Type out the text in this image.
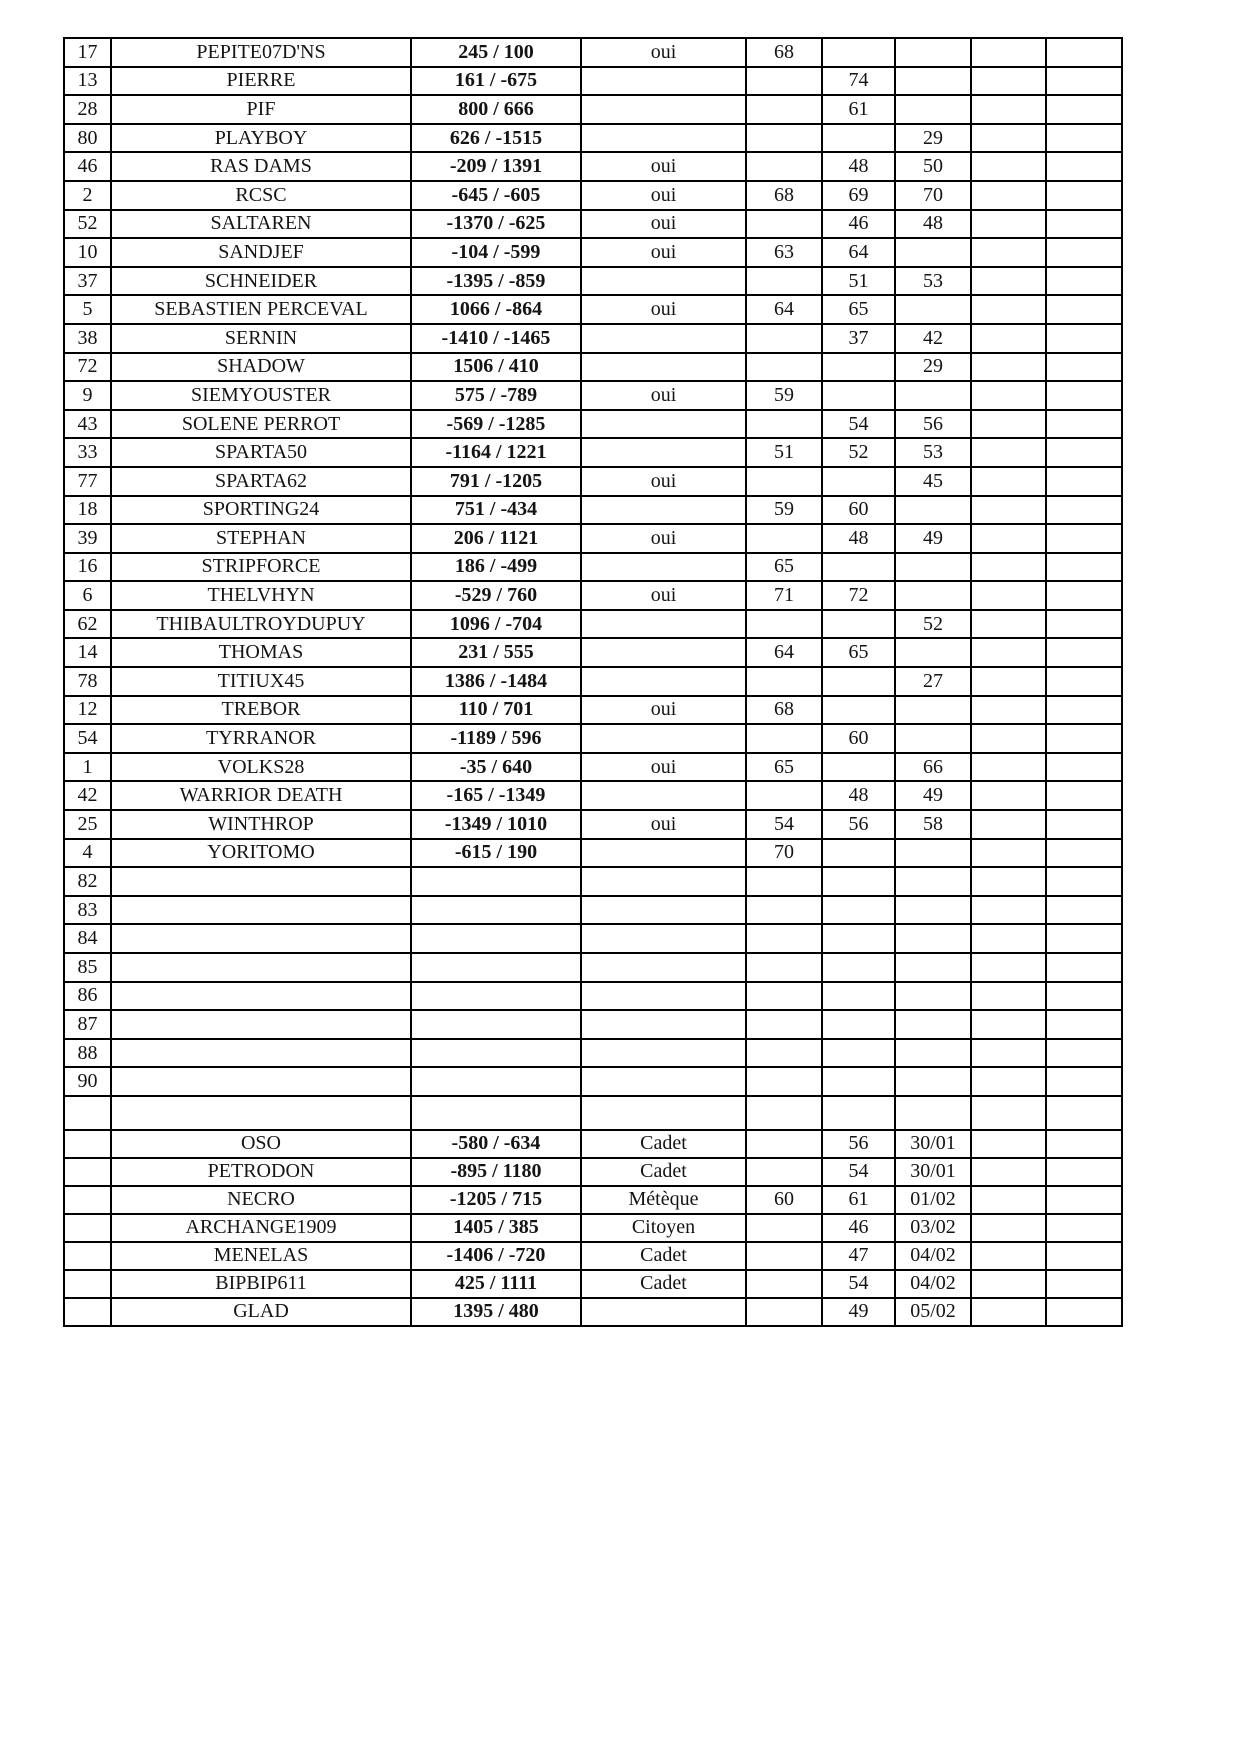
17	PEPITE07D'NS	245 / 100	oui	68				
13	PIERRE	161 / -675			74			
28	PIF	800 / 666			61			
80	PLAYBOY	626 / -1515				29		
46	RAS DAMS	-209 / 1391	oui		48	50		
2	RCSC	-645 / -605	oui	68	69	70		
52	SALTAREN	-1370 / -625	oui		46	48		
10	SANDJEF	-104 / -599	oui	63	64			
37	SCHNEIDER	-1395 / -859			51	53		
5	SEBASTIEN PERCEVAL	1066 / -864	oui	64	65			
38	SERNIN	-1410 / -1465			37	42		
72	SHADOW	1506 / 410				29		
9	SIEMYOUSTER	575 / -789	oui	59				
43	SOLENE PERROT	-569 / -1285			54	56		
33	SPARTA50	-1164 / 1221		51	52	53		
77	SPARTA62	791 / -1205	oui			45		
18	SPORTING24	751 / -434		59	60			
39	STEPHAN	206 / 1121	oui		48	49		
16	STRIPFORCE	186 / -499		65				
6	THELVHYN	-529 / 760	oui	71	72			
62	THIBAULTROYDUPUY	1096 / -704				52		
14	THOMAS	231 / 555		64	65			
78	TITIUX45	1386 / -1484				27		
12	TREBOR	110 / 701	oui	68				
54	TYRRANOR	-1189 / 596			60			
1	VOLKS28	-35 / 640	oui	65		66		
42	WARRIOR DEATH	-165 / -1349			48	49		
25	WINTHROP	-1349 / 1010	oui	54	56	58		
4	YORITOMO	-615 / 190		70				
82								
83								
84								
85								
86								
87								
88								
90								

	OSO	-580 / -634	Cadet		56	30/01		
	PETRODON	-895 / 1180	Cadet		54	30/01		
	NECRO	-1205 / 715	Métèque	60	61	01/02		
	ARCHANGE1909	1405 / 385	Citoyen		46	03/02		
	MENELAS	-1406 / -720	Cadet		47	04/02		
	BIPBIP611	425 / 1111	Cadet		54	04/02		
	GLAD	1395 / 480			49	05/02		
